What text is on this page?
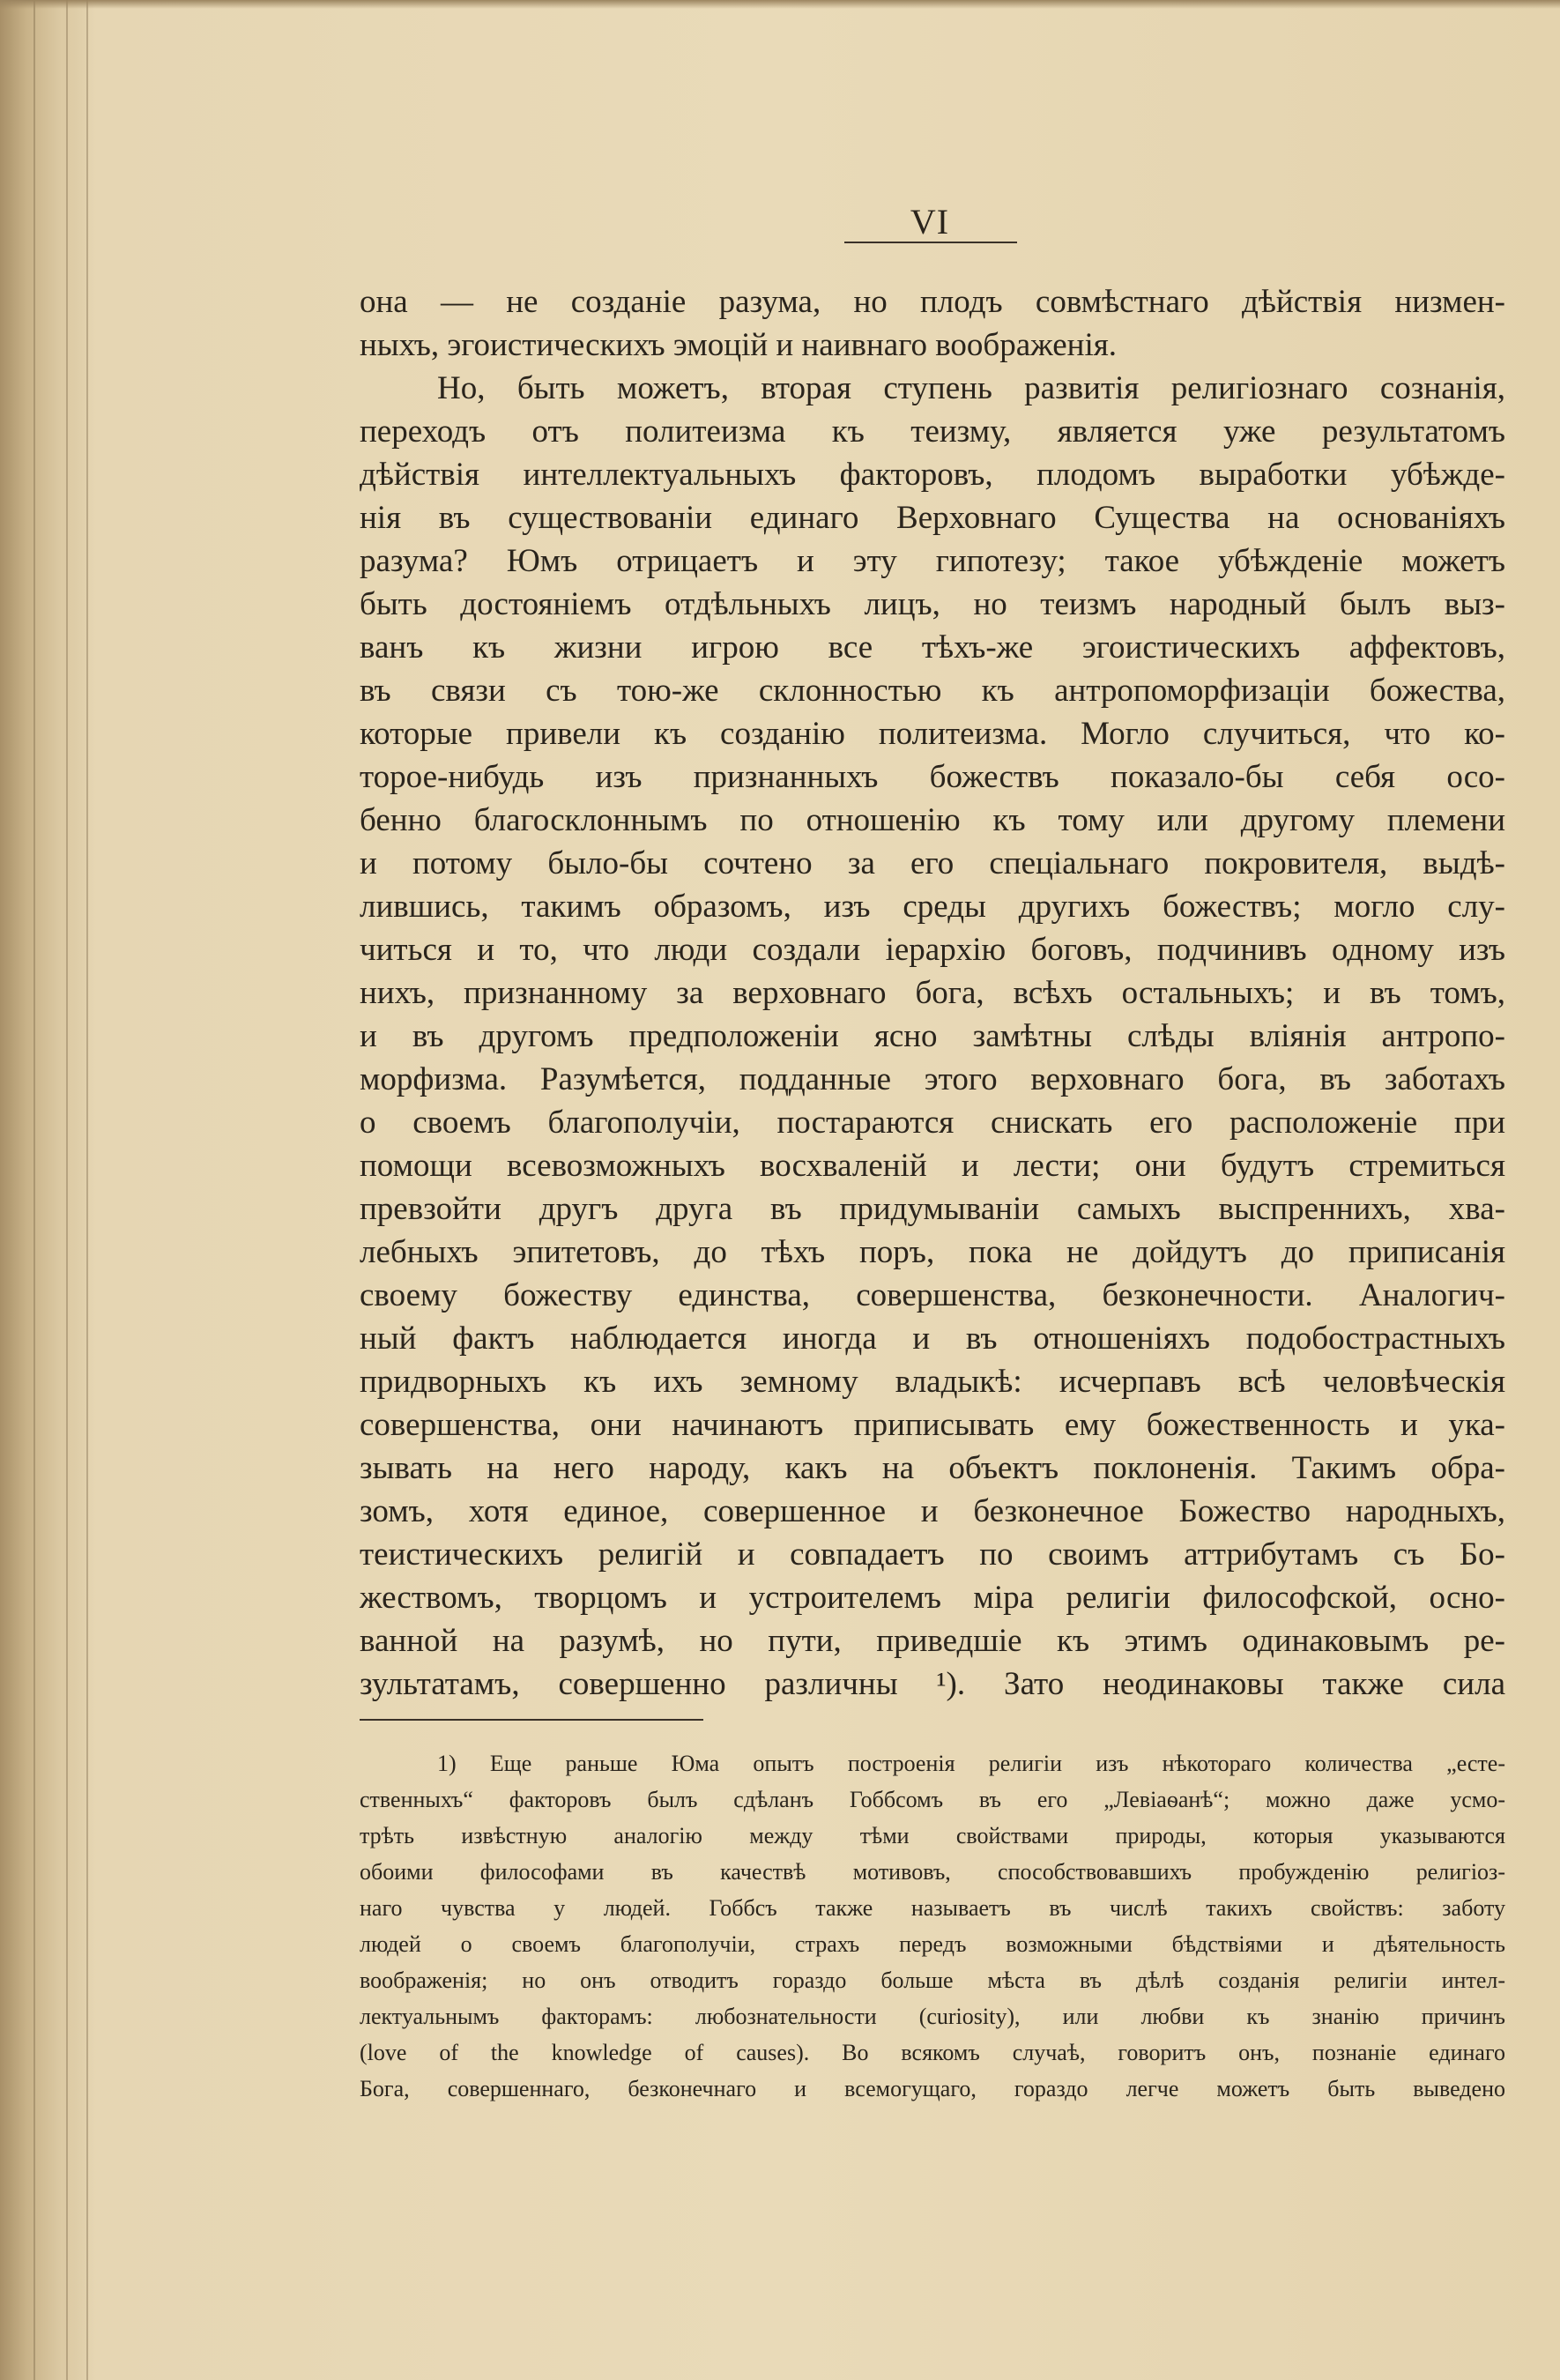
VI
она — не созданіе разума, но плодъ совмѣстнаго дѣйствія низмен-
ныхъ, эгоистическихъ эмоцій и наивнаго воображенія.
Но, быть можетъ, вторая ступень развитія религіознаго сознанія,
переходъ отъ политеизма къ теизму, является уже результатомъ
дѣйствія интеллектуальныхъ факторовъ, плодомъ выработки убѣжде-
нія въ существованіи единаго Верховнаго Существа на основаніяхъ
разума? Юмъ отрицаетъ и эту гипотезу; такое убѣжденіе можетъ
быть достояніемъ отдѣльныхъ лицъ, но теизмъ народный былъ выз-
ванъ къ жизни игрою все тѣхъ-же эгоистическихъ аффектовъ,
въ связи съ тою-же склонностью къ антропоморфизаціи божества,
которые привели къ созданію политеизма. Могло случиться, что ко-
торое-нибудь изъ признанныхъ божествъ показало-бы себя осо-
бенно благосклоннымъ по отношенію къ тому или другому племени
и потому было-бы сочтено за его спеціальнаго покровителя, выдѣ-
лившись, такимъ образомъ, изъ среды другихъ божествъ; могло слу-
читься и то, что люди создали іерархію боговъ, подчинивъ одному изъ
нихъ, признанному за верховнаго бога, всѣхъ остальныхъ; и въ томъ,
и въ другомъ предположеніи ясно замѣтны слѣды вліянія антропо-
морфизма. Разумѣется, подданные этого верховнаго бога, въ заботахъ
о своемъ благополучіи, постараются снискать его расположеніе при
помощи всевозможныхъ восхваленій и лести; они будутъ стремиться
превзойти другъ друга въ придумываніи самыхъ выспреннихъ, хва-
лебныхъ эпитетовъ, до тѣхъ поръ, пока не дойдутъ до приписанія
своему божеству единства, совершенства, безконечности. Аналогич-
ный фактъ наблюдается иногда и въ отношеніяхъ подобострастныхъ
придворныхъ къ ихъ земному владыкѣ: исчерпавъ всѣ человѣческія
совершенства, они начинаютъ приписывать ему божественность и ука-
зывать на него народу, какъ на объектъ поклоненія. Такимъ обра-
зомъ, хотя единое, совершенное и безконечное Божество народныхъ,
теистическихъ религій и совпадаетъ по своимъ аттрибутамъ съ Бо-
жествомъ, творцомъ и устроителемъ міра религіи философской, осно-
ванной на разумѣ, но пути, приведшіе къ этимъ одинаковымъ ре-
зультатамъ, совершенно различны ¹). Зато неодинаковы также сила
1) Еще раньше Юма опытъ построенія религіи изъ нѣкотораго количества „есте-
ственныхъ“ факторовъ былъ сдѣланъ Гоббсомъ въ его „Левіаѳанѣ“; можно даже усмо-
трѣть извѣстную аналогію между тѣми свойствами природы, которыя указываются
обоими философами въ качествѣ мотивовъ, способствовавшихъ пробужденію религіоз-
наго чувства у людей. Гоббсъ также называетъ въ числѣ такихъ свойствъ: заботу
людей о своемъ благополучіи, страхъ передъ возможными бѣдствіями и дѣятельность
воображенія; но онъ отводитъ гораздо больше мѣста въ дѣлѣ созданія религіи интел-
лектуальнымъ факторамъ: любознательности (curiosity), или любви къ знанію причинъ
(love of the knowledge of causes). Во всякомъ случаѣ, говоритъ онъ, познаніе единаго
Бога, совершеннаго, безконечнаго и всемогущаго, гораздо легче можетъ быть выведено
